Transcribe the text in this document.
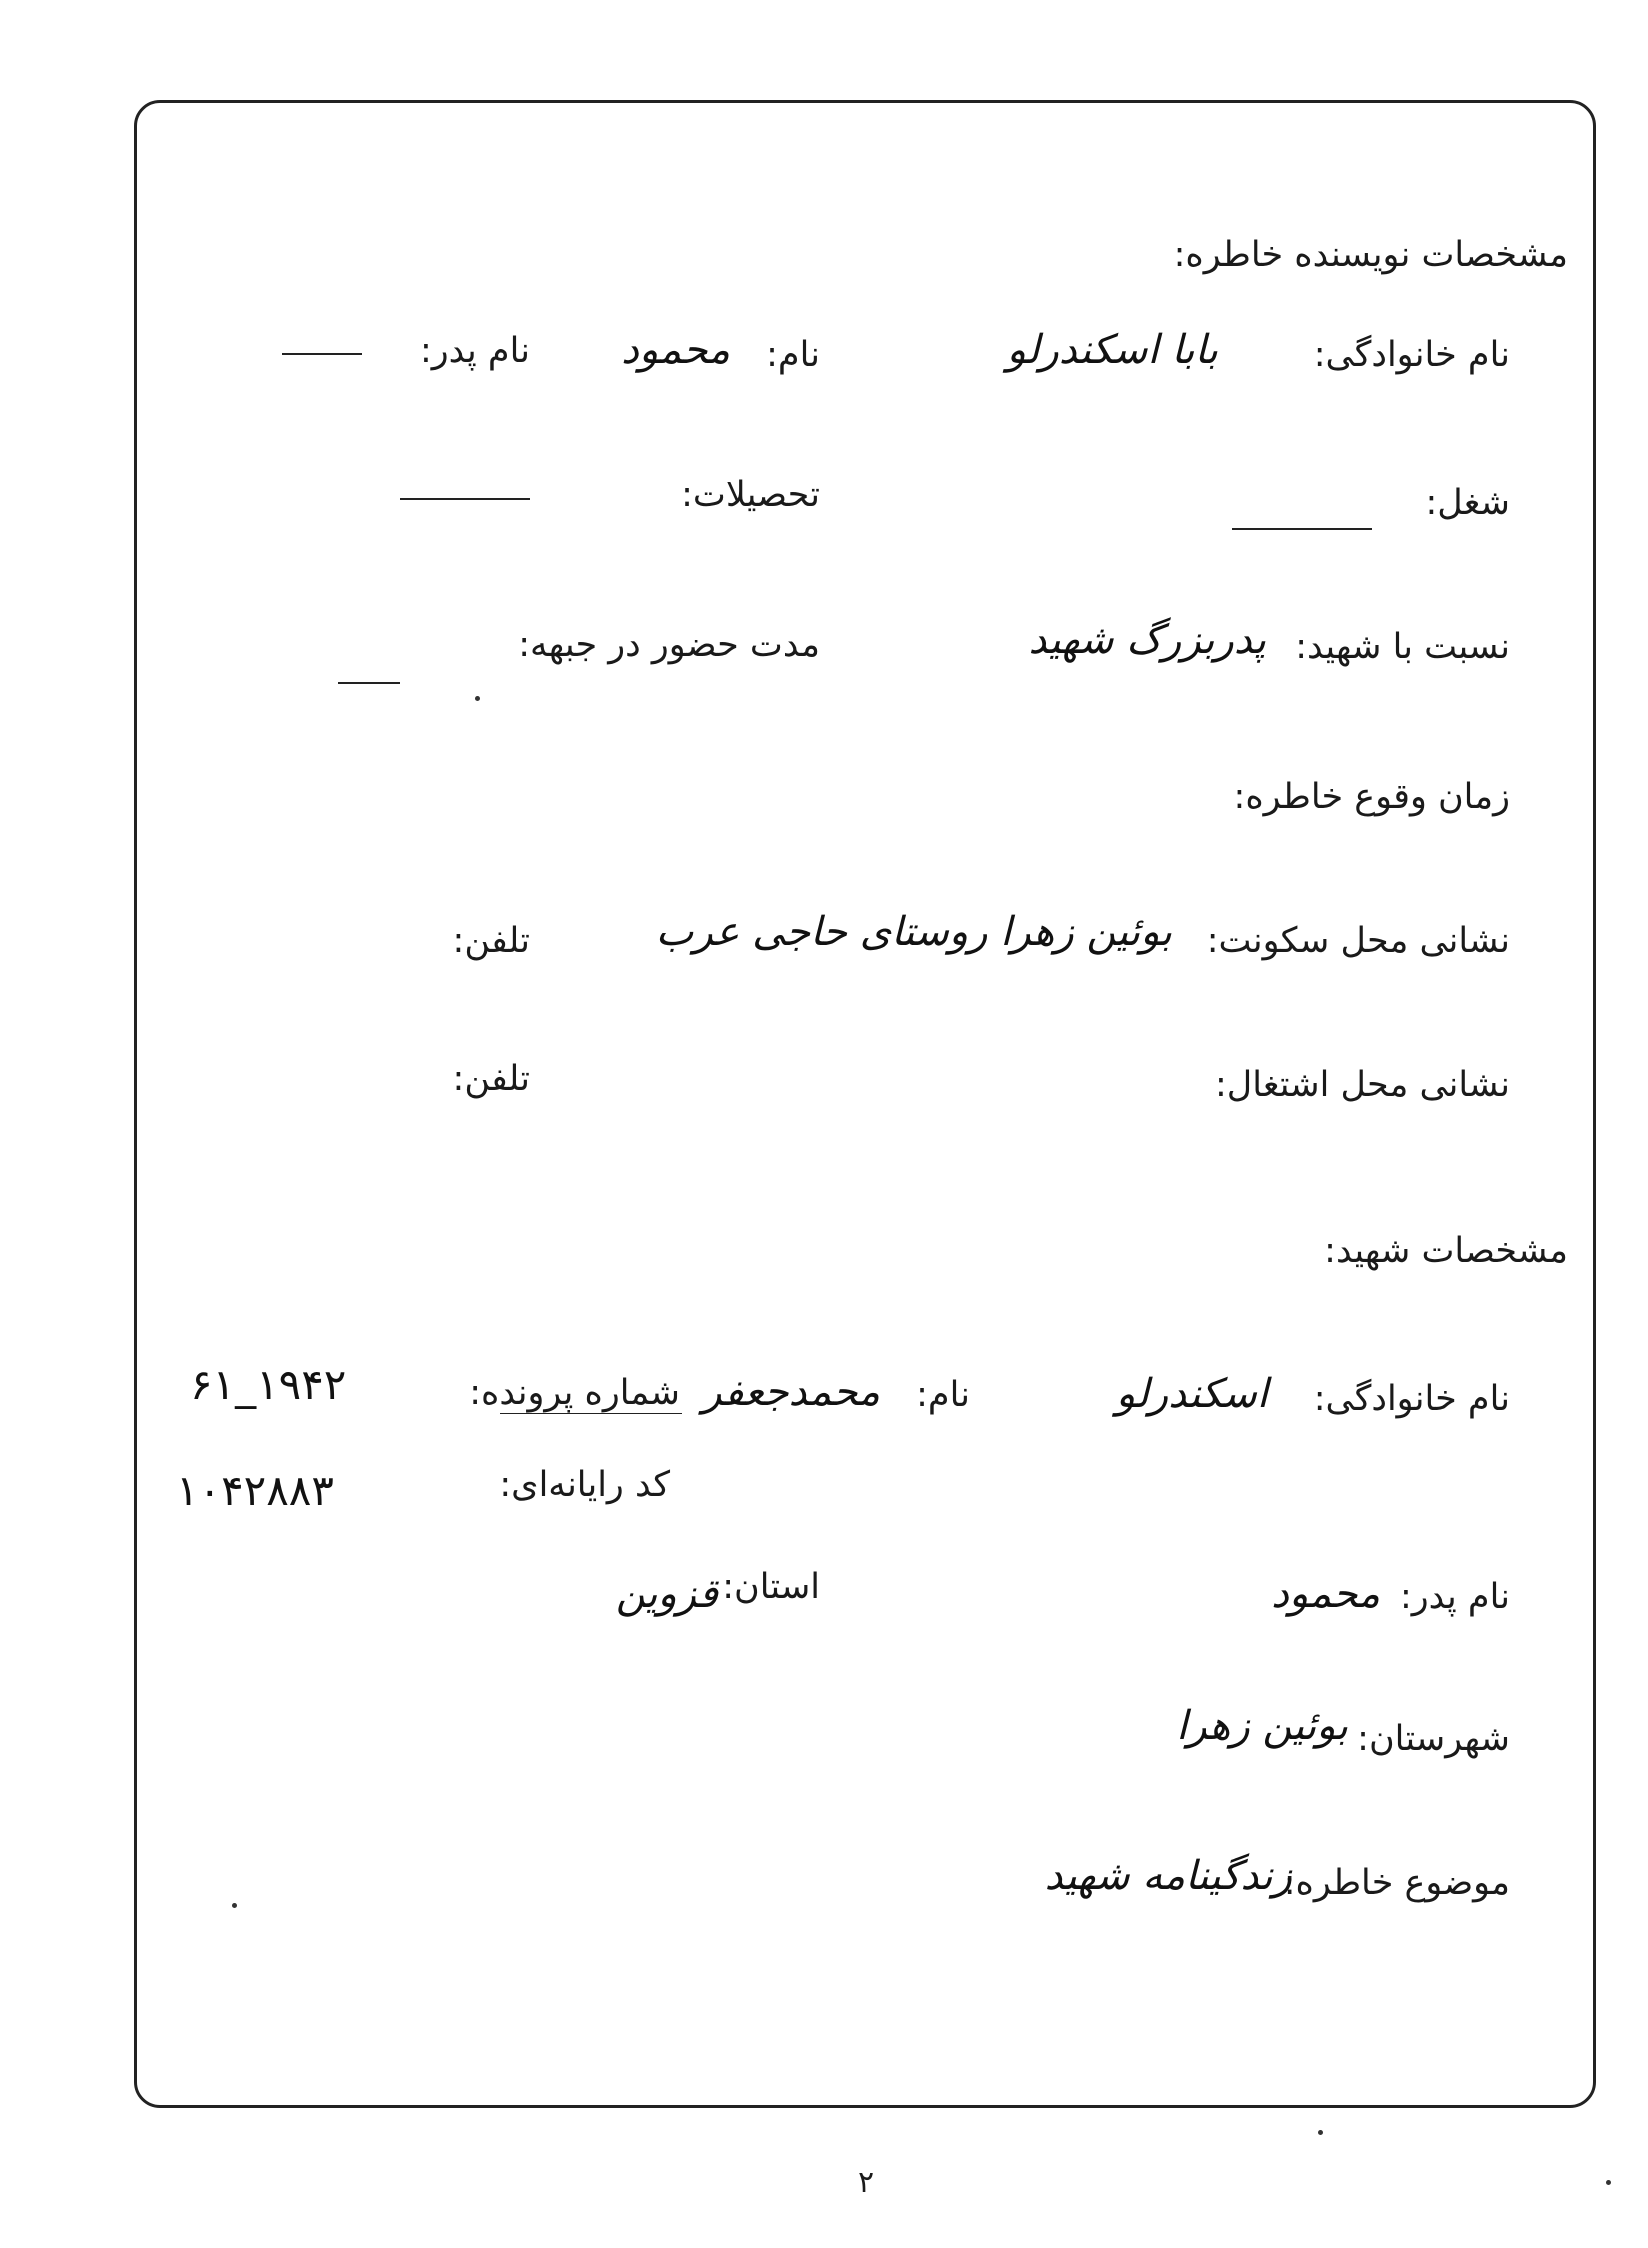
مشخصات نویسنده خاطره:
نام خانوادگی:
بابا اسکندرلو
نام:
محمود
نام پدر:
شغل:
تحصیلات:
نسبت با شهید:
پدربزرگ شهید
مدت حضور در جبهه:
زمان وقوع خاطره:
نشانی محل سکونت:
بوئین زهرا روستای حاجی عرب
تلفن:
نشانی محل اشتغال:
تلفن:
مشخصات شهید:
نام خانوادگی:
اسکندرلو
نام:
محمدجعفر
شماره پرونده:
۶۱_۱۹۴۲
کد رایانه‌ای:
۱۰۴۲۸۸۳
نام پدر:
محمود
استان:
قزوین
شهرستان:
بوئین زهرا
موضوع خاطره:
زندگینامه شهید
۲
